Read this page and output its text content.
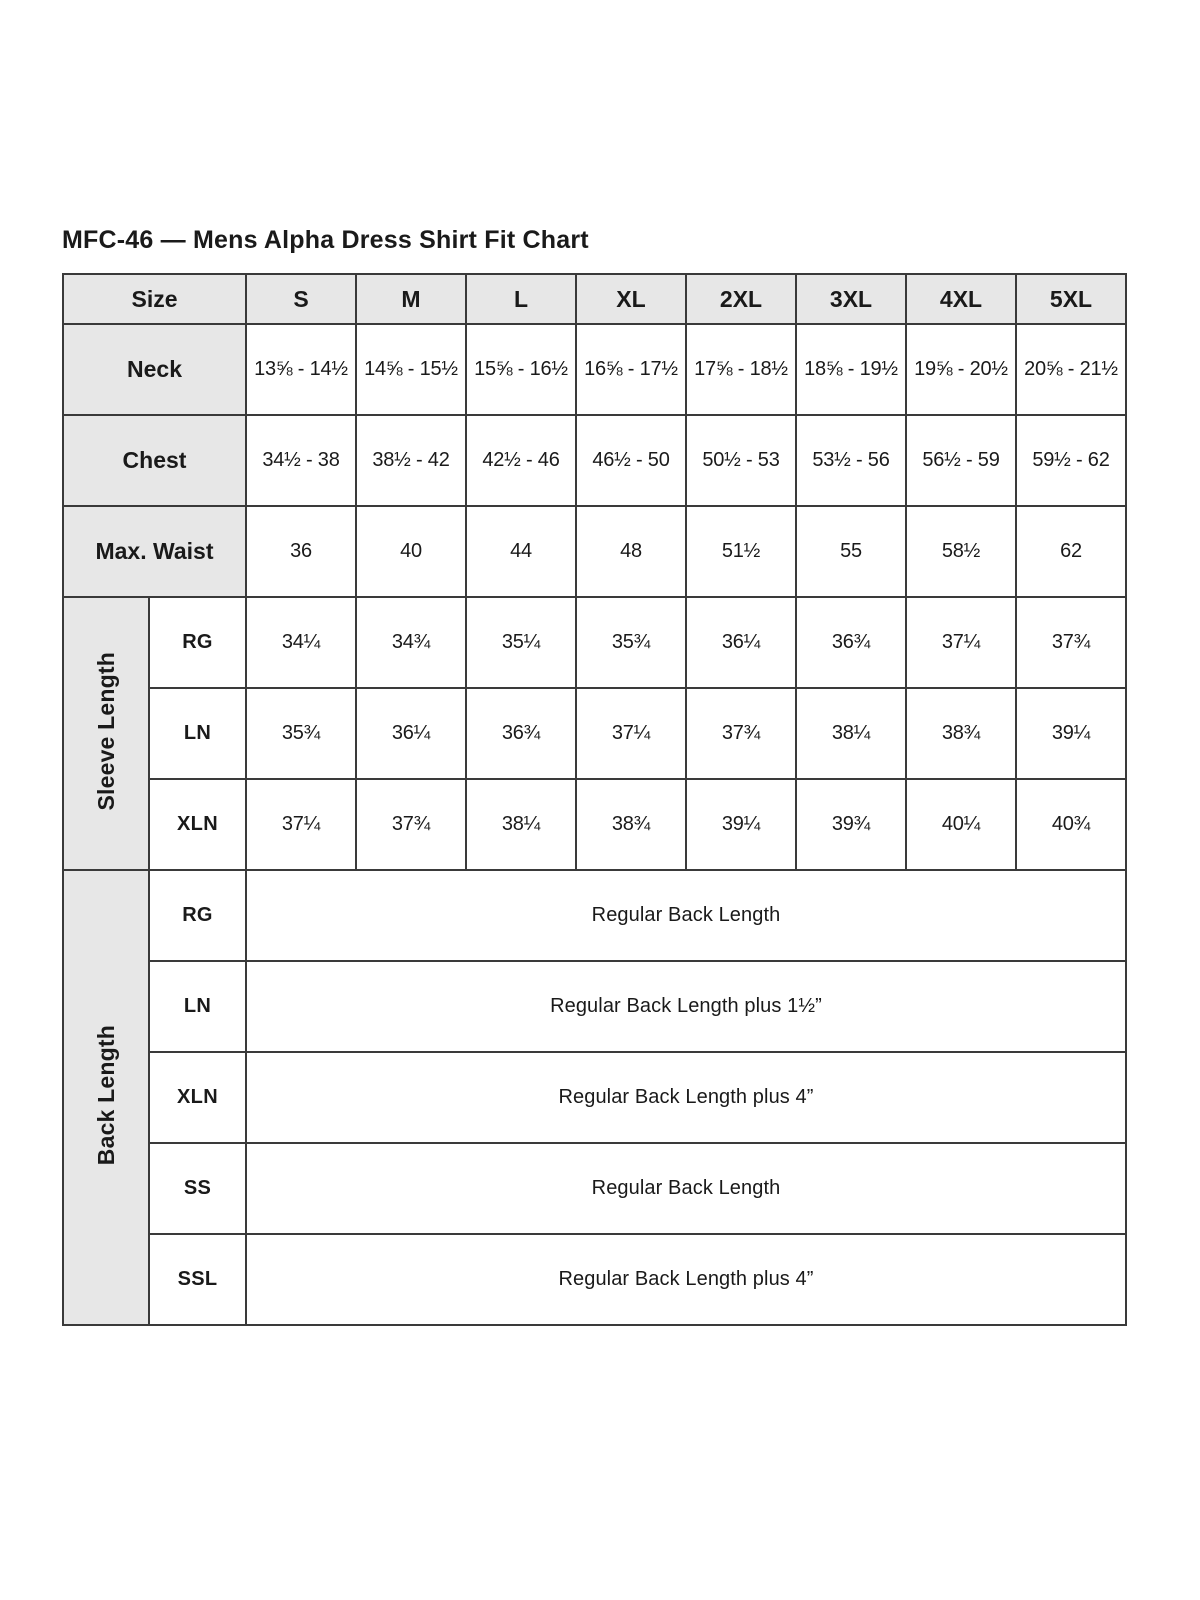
MFC-46 — Mens Alpha Dress Shirt Fit Chart
Size		S	M	L	XL	2XL	3XL	4XL	5XL
Neck		13⅝ - 14½	14⅝ - 15½	15⅝ - 16½	16⅝ - 17½	17⅝ - 18½	18⅝ - 19½	19⅝ - 20½	20⅝ - 21½
Chest		34½ - 38	38½ - 42	42½ - 46	46½ - 50	50½ - 53	53½ - 56	56½ - 59	59½ - 62
Max. Waist		36	40	44	48	51½	55	58½	62
Sleeve Length	RG	34¼	34¾	35¼	35¾	36¼	36¾	37¼	37¾
	LN	35¾	36¼	36¾	37¼	37¾	38¼	38¾	39¼
	XLN	37¼	37¾	38¼	38¾	39¼	39¾	40¼	40¾
Back Length	RG	Regular Back Length							
	LN	Regular Back Length plus 1½”							
	XLN	Regular Back Length plus 4”							
	SS	Regular Back Length							
	SSL	Regular Back Length plus 4”							
